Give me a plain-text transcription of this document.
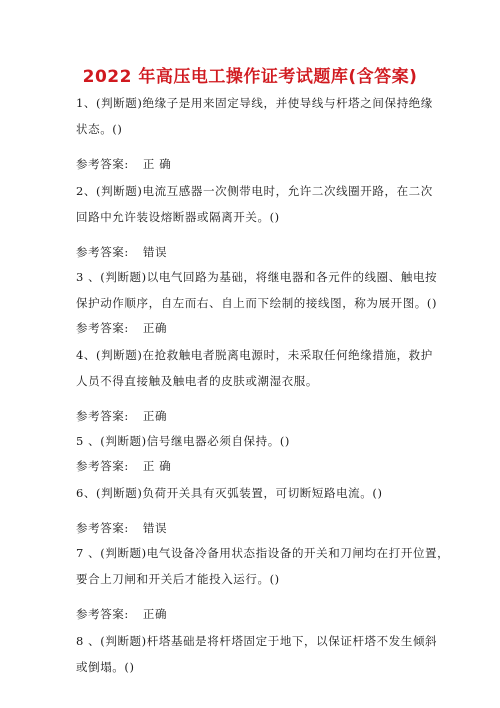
2022 年高压电工操作证考试题库(含答案)
1、(判断题)绝缘子是用来固定导线，并使导线与杆塔之间保持绝缘
状态。()
参考答案: 正 确
2、(判断题)电流互感器一次侧带电时，允许二次线圈开路，在二次
回路中允许装设熔断器或隔离开关。()
参考答案: 错误
3 、(判断题)以电气回路为基础，将继电器和各元件的线圈、触电按
保护动作顺序，自左而右、自上而下绘制的接线图，称为展开图。()
参考答案: 正确
4、(判断题)在抢救触电者脱离电源时，未采取任何绝缘措施，救护
人员不得直接触及触电者的皮肤或潮湿衣服。
参考答案: 正确
5 、(判断题)信号继电器必须自保持。()
参考答案: 正 确
6、(判断题)负荷开关具有灭弧装置，可切断短路电流。()
参考答案: 错误
7 、(判断题)电气设备冷备用状态指设备的开关和刀闸均在打开位置，
要合上刀闸和开关后才能投入运行。()
参考答案: 正确
8 、(判断题)杆塔基础是将杆塔固定于地下，以保证杆塔不发生倾斜
或倒塌。()
